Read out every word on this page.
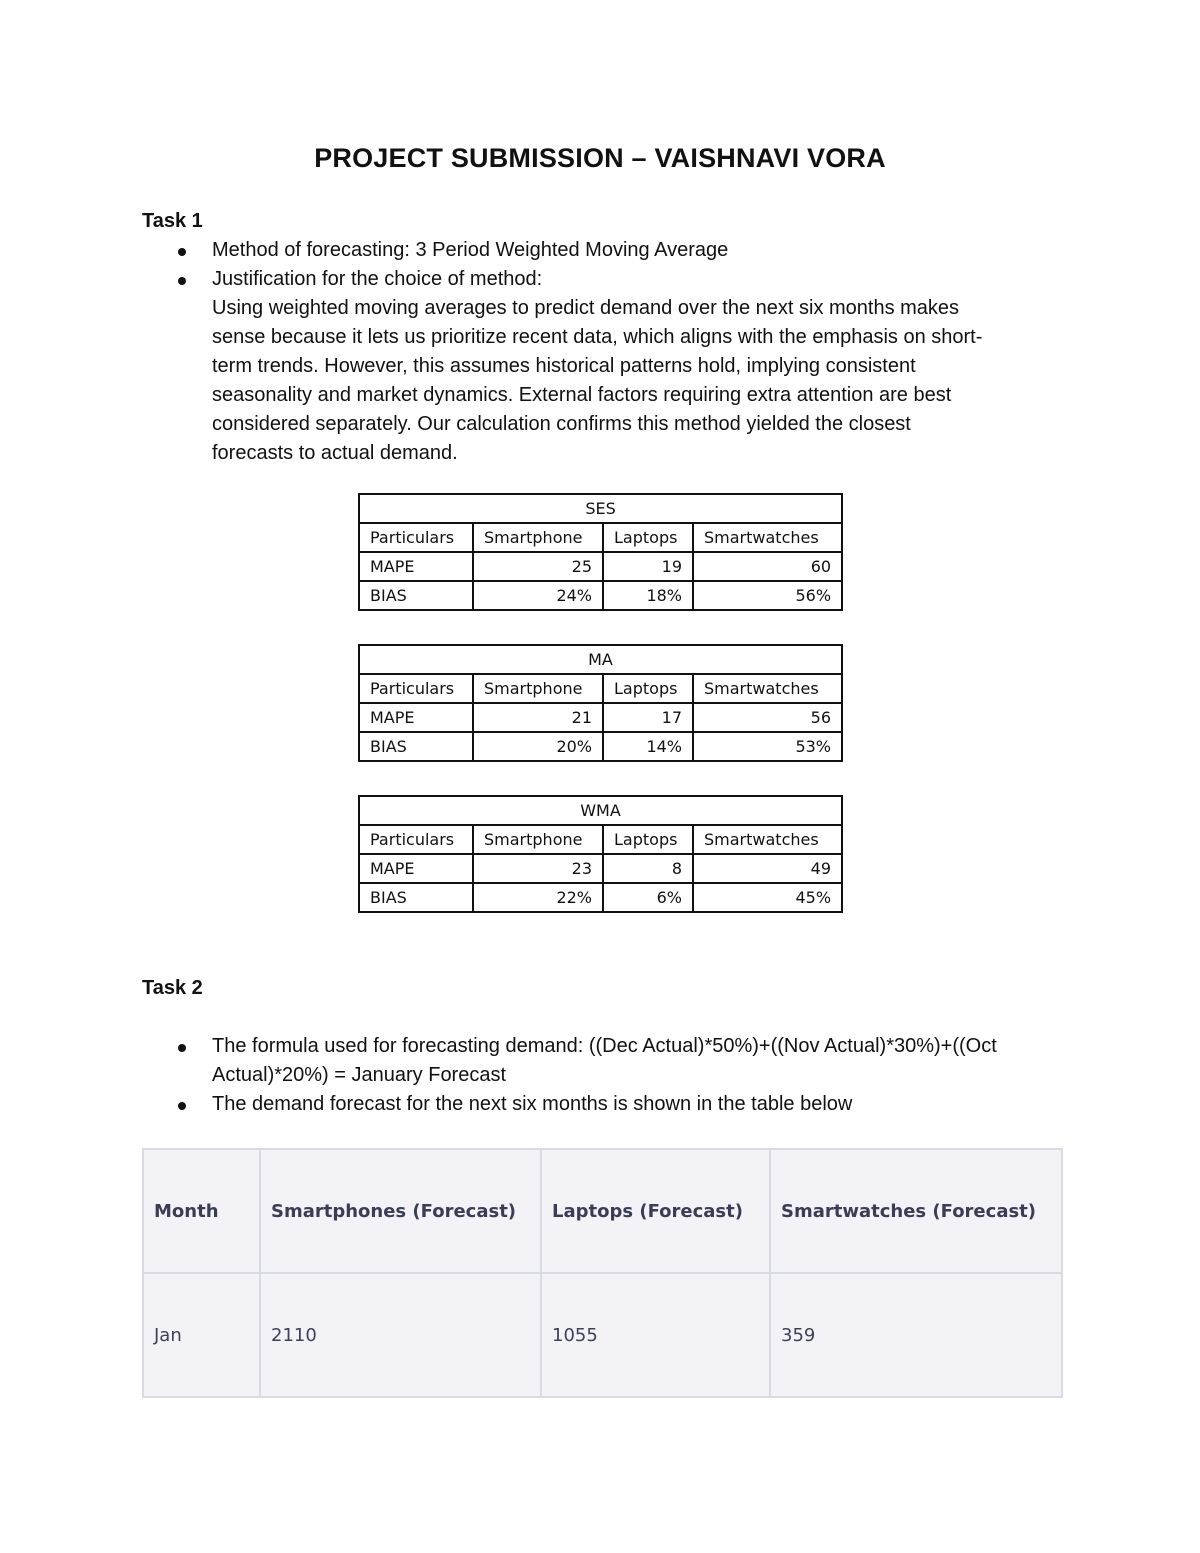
PROJECT SUBMISSION – VAISHNAVI VORA
Task 1
Method of forecasting: 3 Period Weighted Moving Average
Justification for the choice of method:
Using weighted moving averages to predict demand over the next six months makes
sense because it lets us prioritize recent data, which aligns with the emphasis on short-
term trends. However, this assumes historical patterns hold, implying consistent
seasonality and market dynamics. External factors requiring extra attention are best
considered separately. Our calculation confirms this method yielded the closest
forecasts to actual demand.
SES			
Particulars	Smartphone	Laptops	Smartwatches
MAPE	25	19	60
BIAS	24%	18%	56%
MA			
Particulars	Smartphone	Laptops	Smartwatches
MAPE	21	17	56
BIAS	20%	14%	53%
WMA			
Particulars	Smartphone	Laptops	Smartwatches
MAPE	23	8	49
BIAS	22%	6%	45%
Task 2
The formula used for forecasting demand: ((Dec Actual)*50%)+((Nov Actual)*30%)+((Oct
Actual)*20%) = January Forecast
The demand forecast for the next six months is shown in the table below
Month	Smartphones (Forecast)	Laptops (Forecast)	Smartwatches (Forecast)
Jan	2110	1055	359
